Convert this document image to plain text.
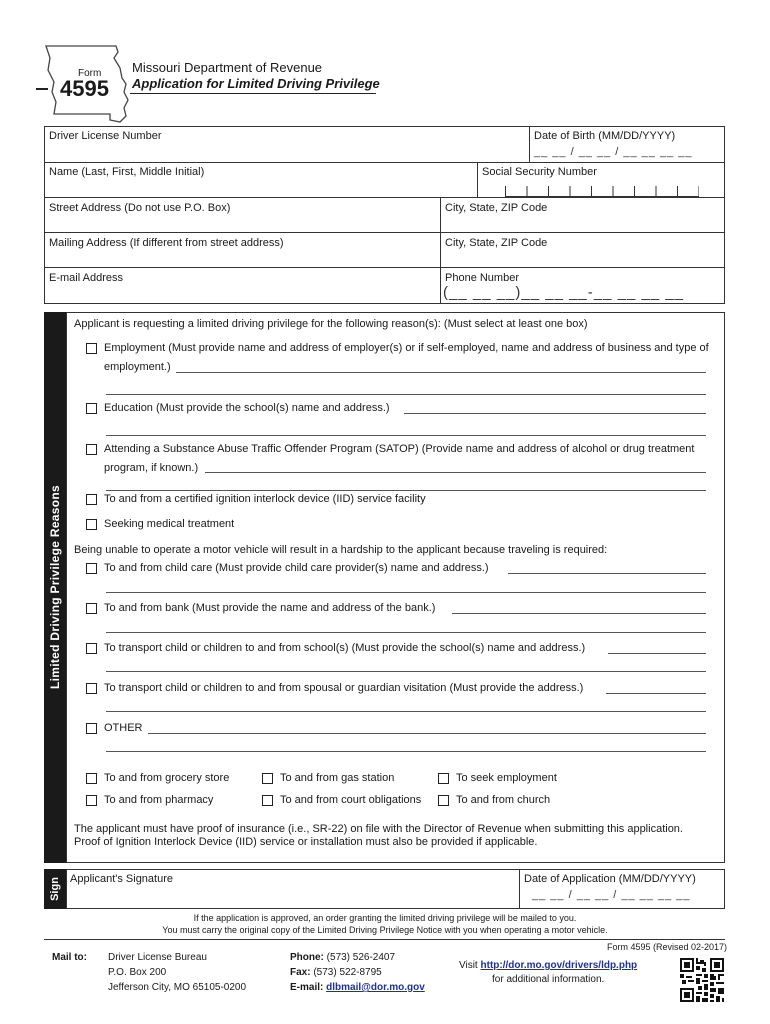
Form
4595
Missouri Department of Revenue
Application for Limited Driving Privilege
Driver License Number	Date of Birth (MM/DD/YYYY)
__ __ / __ __ / __ __ __ __
Name (Last, First, Middle Initial)	Social Security Number
Street Address (Do not use P.O. Box)	City, State, ZIP Code
Mailing Address (If different from street address)	City, State, ZIP Code
E-mail Address	Phone Number
(__ __ __)__ __ __-__ __ __ __
Limited Driving Privilege Reasons
Applicant is requesting a limited driving privilege for the following reason(s): (Must select at least one box)
Employment (Must provide name and address of employer(s) or if self-employed, name and address of business and type of
employment.)
Education (Must provide the school(s) name and address.)
Attending a Substance Abuse Traffic Offender Program (SATOP) (Provide name and address of alcohol or drug treatment
program, if known.)
To and from a certified ignition interlock device (IID) service facility
Seeking medical treatment
Being unable to operate a motor vehicle will result in a hardship to the applicant because traveling is required:
To and from child care (Must provide child care provider(s) name and address.)
To and from bank (Must provide the name and address of the bank.)
To transport child or children to and from school(s) (Must provide the school(s) name and address.)
To transport child or children to and from spousal or guardian visitation (Must provide the address.)
OTHER
To and from grocery store	To and from gas station	To seek employment
To and from pharmacy	To and from court obligations	To and from church
The applicant must have proof of insurance (i.e., SR-22) on file with the Director of Revenue when submitting this application.
Proof of Ignition Interlock Device (IID) service or installation must also be provided if applicable.
Sign Applicant's Signature	Date of Application (MM/DD/YYYY)
__ __ / __ __ / __ __ __ __
If the application is approved, an order granting the limited driving privilege will be mailed to you.
You must carry the original copy of the Limited Driving Privilege Notice with you when operating a motor vehicle.
Mail to: Driver License Bureau
P.O. Box 200
Jefferson City, MO 65105-0200
Phone: (573) 526-2407
Fax: (573) 522-8795
E-mail: dlbmail@dor.mo.gov
Form 4595 (Revised 02-2017)
Visit http://dor.mo.gov/drivers/ldp.php
for additional information.
